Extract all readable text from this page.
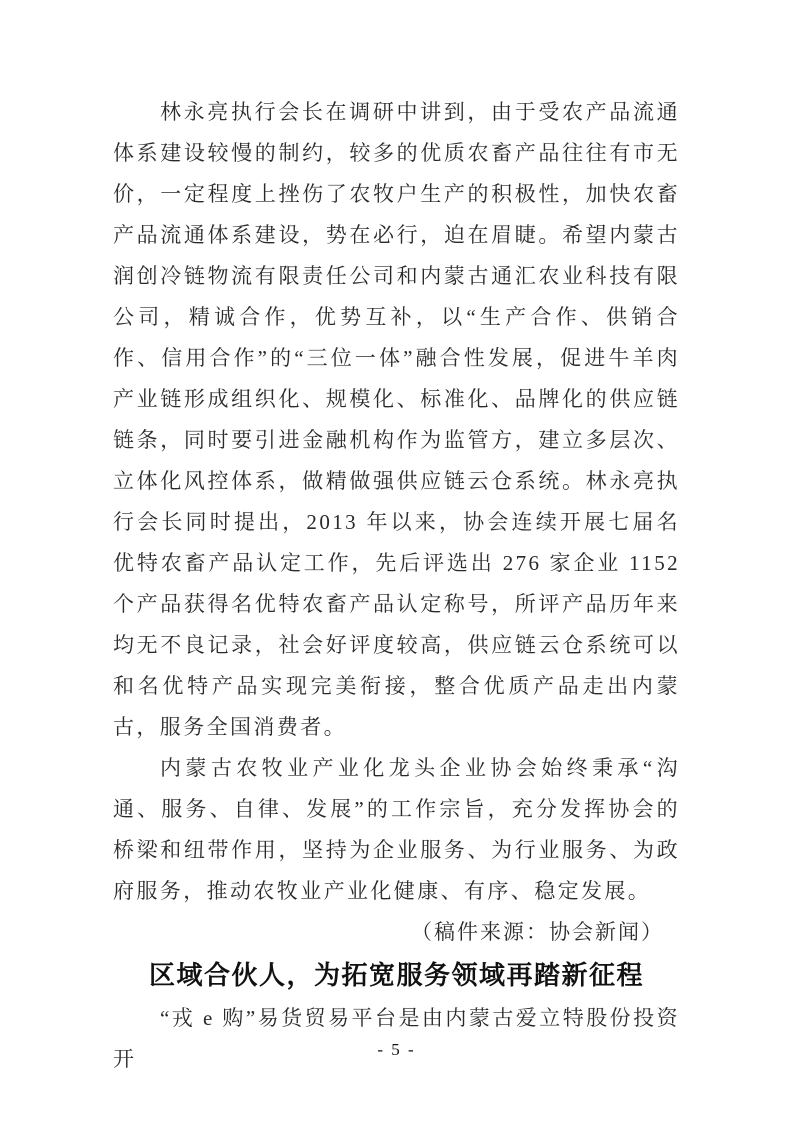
林永亮执行会长在调研中讲到，由于受农产品流通体系建设较慢的制约，较多的优质农畜产品往往有市无价，一定程度上挫伤了农牧户生产的积极性，加快农畜产品流通体系建设，势在必行，迫在眉睫。希望内蒙古润创冷链物流有限责任公司和内蒙古通汇农业科技有限公司，精诚合作，优势互补，以“生产合作、供销合作、信用合作”的“三位一体”融合性发展，促进牛羊肉产业链形成组织化、规模化、标准化、品牌化的供应链链条，同时要引进金融机构作为监管方，建立多层次、立体化风控体系，做精做强供应链云仓系统。林永亮执行会长同时提出，2013 年以来，协会连续开展七届名优特农畜产品认定工作，先后评选出 276 家企业 1152 个产品获得名优特农畜产品认定称号，所评产品历年来均无不良记录，社会好评度较高，供应链云仓系统可以和名优特产品实现完美衔接，整合优质产品走出内蒙古，服务全国消费者。

内蒙古农牧业产业化龙头企业协会始终秉承“沟通、服务、自律、发展”的工作宗旨，充分发挥协会的桥梁和纽带作用，坚持为企业服务、为行业服务、为政府服务，推动农牧业产业化健康、有序、稳定发展。

（稿件来源：协会新闻）

区域合伙人，为拓宽服务领域再踏新征程

“戎 e 购”易货贸易平台是由内蒙古爱立特股份投资开	- 5 -
